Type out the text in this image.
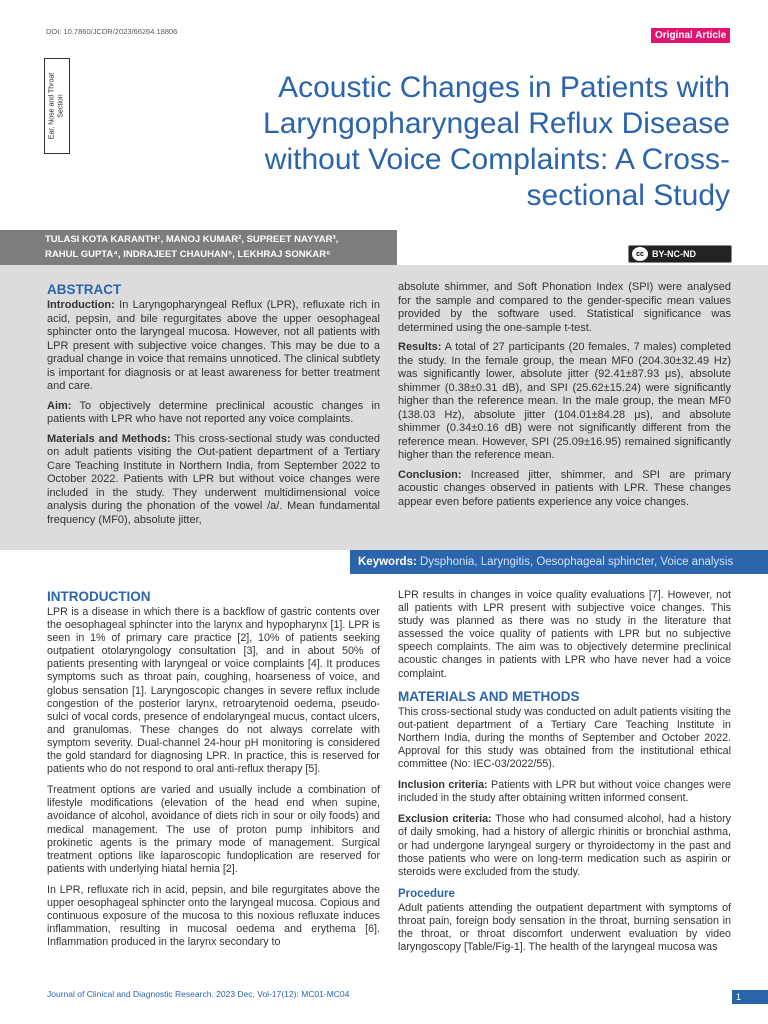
DOI: 10.7860/JCDR/2023/66264.18806	Original Article
Ear, Nose and Throat Section
Acoustic Changes in Patients with Laryngopharyngeal Reflux Disease without Voice Complaints: A Cross-sectional Study
TULASI KOTA KARANTH¹, MANOJ KUMAR², SUPREET NAYYAR³,
RAHUL GUPTA⁴, INDRAJEET CHAUHAN⁵, LEKHRAJ SONKAR⁶	cc BY-NC-ND
ABSTRACT

Introduction: In Laryngopharyngeal Reflux (LPR), refluxate rich in acid, pepsin, and bile regurgitates above the upper oesophageal sphincter onto the laryngeal mucosa. However, not all patients with LPR present with subjective voice changes. This may be due to a gradual change in voice that remains unnoticed. The clinical subtlety is important for diagnosis or at least awareness for better treatment and care.

Aim: To objectively determine preclinical acoustic changes in patients with LPR who have not reported any voice complaints.

Materials and Methods: This cross-sectional study was conducted on adult patients visiting the Out-patient department of a Tertiary Care Teaching Institute in Northern India, from September 2022 to October 2022. Patients with LPR but without voice changes were included in the study. They underwent multidimensional voice analysis during the phonation of the vowel /a/. Mean fundamental frequency (MF0), absolute jitter,

absolute shimmer, and Soft Phonation Index (SPI) were analysed for the sample and compared to the gender-specific mean values provided by the software used. Statistical significance was determined using the one-sample t-test.

Results: A total of 27 participants (20 females, 7 males) completed the study. In the female group, the mean MF0 (204.30±32.49 Hz) was significantly lower, absolute jitter (92.41±87.93 μs), absolute shimmer (0.38±0.31 dB), and SPI (25.62±15.24) were significantly higher than the reference mean. In the male group, the mean MF0 (138.03 Hz), absolute jitter (104.01±84.28 μs), and absolute shimmer (0.34±0.16 dB) were not significantly different from the reference mean. However, SPI (25.09±16.95) remained significantly higher than the reference mean.

Conclusion: Increased jitter, shimmer, and SPI are primary acoustic changes observed in patients with LPR. These changes appear even before patients experience any voice changes.

Keywords: Dysphonia, Laryngitis, Oesophageal sphincter, Voice analysis
INTRODUCTION

LPR is a disease in which there is a backflow of gastric contents over the oesophageal sphincter into the larynx and hypopharynx [1]. LPR is seen in 1% of primary care practice [2], 10% of patients seeking outpatient otolaryngology consultation [3], and in about 50% of patients presenting with laryngeal or voice complaints [4]. It produces symptoms such as throat pain, coughing, hoarseness of voice, and globus sensation [1]. Laryngoscopic changes in severe reflux include congestion of the posterior larynx, retroarytenoid oedema, pseudo-sulci of vocal cords, presence of endolaryngeal mucus, contact ulcers, and granulomas. These changes do not always correlate with symptom severity. Dual-channel 24-hour pH monitoring is considered the gold standard for diagnosing LPR. In practice, this is reserved for patients who do not respond to oral anti-reflux therapy [5].

Treatment options are varied and usually include a combination of lifestyle modifications (elevation of the head end when supine, avoidance of alcohol, avoidance of diets rich in sour or oily foods) and medical management. The use of proton pump inhibitors and prokinetic agents is the primary mode of management. Surgical treatment options like laparoscopic fundoplication are reserved for patients with underlying hiatal hernia [2].

In LPR, refluxate rich in acid, pepsin, and bile regurgitates above the upper oesophageal sphincter onto the laryngeal mucosa. Copious and continuous exposure of the mucosa to this noxious refluxate induces inflammation, resulting in mucosal oedema and erythema [6]. Inflammation produced in the larynx secondary to

LPR results in changes in voice quality evaluations [7]. However, not all patients with LPR present with subjective voice changes. This study was planned as there was no study in the literature that assessed the voice quality of patients with LPR but no subjective speech complaints. The aim was to objectively determine preclinical acoustic changes in patients with LPR who have never had a voice complaint.

MATERIALS AND METHODS

This cross-sectional study was conducted on adult patients visiting the out-patient department of a Tertiary Care Teaching Institute in Northern India, during the months of September and October 2022. Approval for this study was obtained from the institutional ethical committee (No: IEC-03/2022/55).

Inclusion criteria: Patients with LPR but without voice changes were included in the study after obtaining written informed consent.

Exclusion criteria: Those who had consumed alcohol, had a history of daily smoking, had a history of allergic rhinitis or bronchial asthma, or had undergone laryngeal surgery or thyroidectomy in the past and those patients who were on long-term medication such as aspirin or steroids were excluded from the study.

Procedure

Adult patients attending the outpatient department with symptoms of throat pain, foreign body sensation in the throat, burning sensation in the throat, or throat discomfort underwent evaluation by video laryngoscopy [Table/Fig-1]. The health of the laryngeal mucosa was

Journal of Clinical and Diagnostic Research. 2023 Dec, Vol-17(12): MC01-MC04	1
